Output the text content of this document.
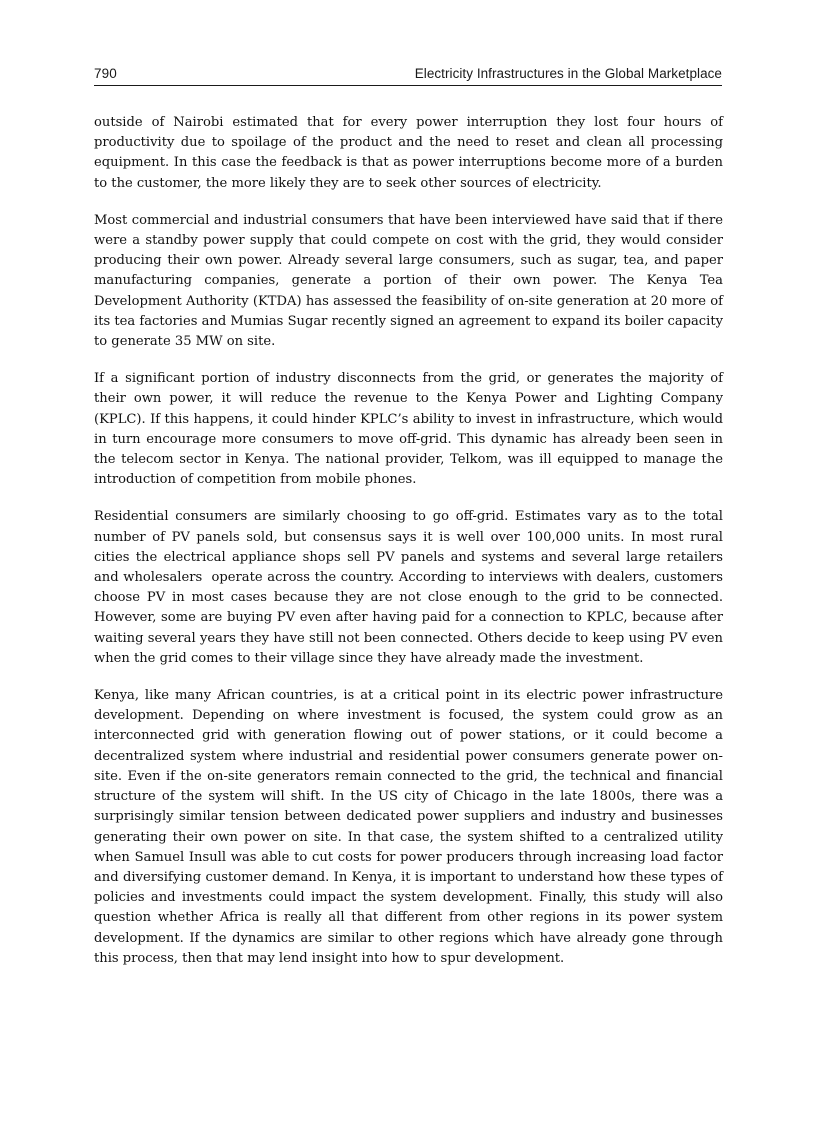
790	Electricity Infrastructures in the Global Marketplace

outside of Nairobi estimated that for every power interruption they lost four hours of productivity due to spoilage of the product and the need to reset and clean all processing equipment. In this case the feedback is that as power interruptions become more of a burden to the customer, the more likely they are to seek other sources of electricity.

Most commercial and industrial consumers that have been interviewed have said that if there were a standby power supply that could compete on cost with the grid, they would consider producing their own power. Already several large consumers, such as sugar, tea, and paper manufacturing companies, generate a portion of their own power. The Kenya Tea Development Authority (KTDA) has assessed the feasibility of on-site generation at 20 more of its tea factories and Mumias Sugar recently signed an agreement to expand its boiler capacity to generate 35 MW on site.

If a significant portion of industry disconnects from the grid, or generates the majority of their own power, it will reduce the revenue to the Kenya Power and Lighting Company (KPLC). If this happens, it could hinder KPLC’s ability to invest in infrastructure, which would in turn encourage more consumers to move off-grid. This dynamic has already been seen in the telecom sector in Kenya. The national provider, Telkom, was ill equipped to manage the introduction of competition from mobile phones.

Residential consumers are similarly choosing to go off-grid. Estimates vary as to the total number of PV panels sold, but consensus says it is well over 100,000 units. In most rural cities the electrical appliance shops sell PV panels and systems and several large retailers and wholesalers  operate across the country. According to interviews with dealers, customers choose PV in most cases because they are not close enough to the grid to be connected. However, some are buying PV even after having paid for a connection to KPLC, because after waiting several years they have still not been connected. Others decide to keep using PV even when the grid comes to their village since they have already made the investment.

Kenya, like many African countries, is at a critical point in its electric power infrastructure development. Depending on where investment is focused, the system could grow as an interconnected grid with generation flowing out of power stations, or it could become a decentralized system where industrial and residential power consumers generate power on-site. Even if the on-site generators remain connected to the grid, the technical and financial structure of the system will shift. In the US city of Chicago in the late 1800s, there was a surprisingly similar tension between dedicated power suppliers and industry and businesses generating their own power on site. In that case, the system shifted to a centralized utility when Samuel Insull was able to cut costs for power producers through increasing load factor and diversifying customer demand. In Kenya, it is important to understand how these types of policies and investments could impact the system development. Finally, this study will also question whether Africa is really all that different from other regions in its power system development. If the dynamics are similar to other regions which have already gone through this process, then that may lend insight into how to spur development.
